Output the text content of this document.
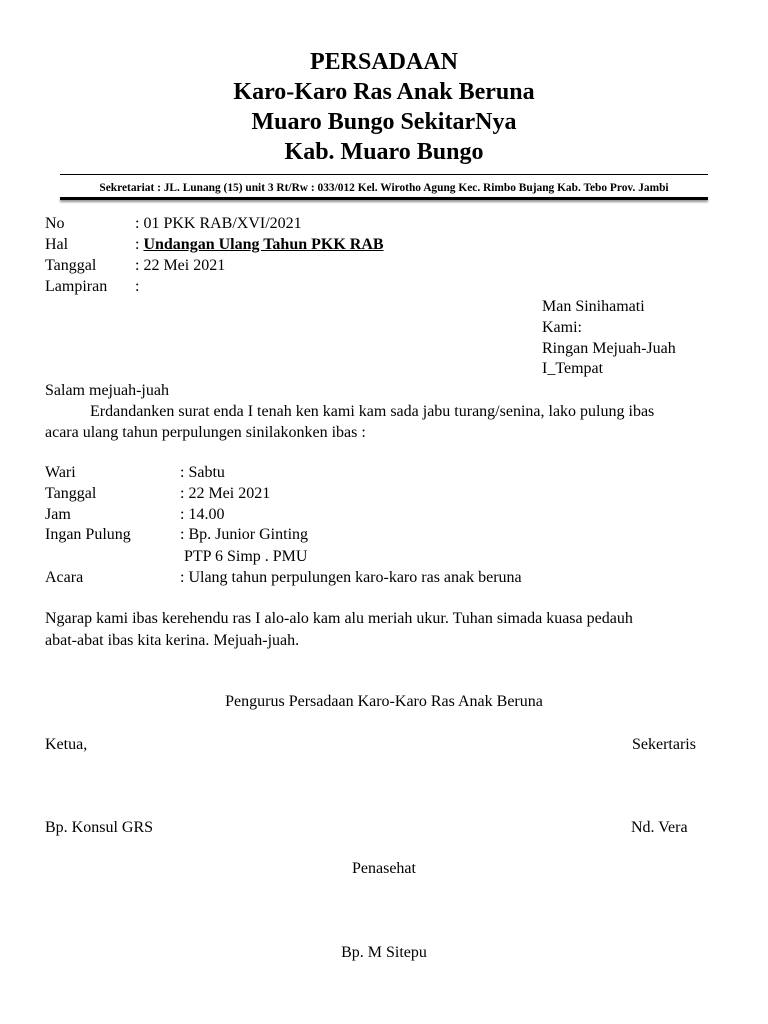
PERSADAAN
Karo-Karo Ras Anak Beruna
Muaro Bungo SekitarNya
Kab. Muaro Bungo
Sekretariat : JL. Lunang (15) unit 3 Rt/Rw : 033/012 Kel. Wirotho Agung Kec. Rimbo Bujang Kab. Tebo Prov. Jambi
No	: 01 PKK RAB/XVI/2021
Hal	: Undangan Ulang Tahun PKK RAB
Tanggal : 22 Mei 2021
Lampiran :
Man Sinihamati
Kami:
Ringan Mejuah-Juah
I_Tempat
Salam mejuah-juah
Erdandanken surat enda I tenah ken kami kam sada jabu turang/senina, lako pulung ibas
acara ulang tahun perpulungen sinilakonken ibas :
Wari	: Sabtu
Tanggal	: 22 Mei 2021
Jam	: 14.00
Ingan Pulung	: Bp. Junior Ginting
PTP 6 Simp . PMU
Acara	: Ulang tahun perpulungen karo-karo ras anak beruna
Ngarap kami ibas kerehendu ras I alo-alo kam alu meriah ukur. Tuhan simada kuasa pedauh
abat-abat ibas kita kerina. Mejuah-juah.
Pengurus Persadaan Karo-Karo Ras Anak Beruna
Ketua,	Sekertaris
Bp. Konsul GRS	Nd. Vera
Penasehat
Bp. M Sitepu
